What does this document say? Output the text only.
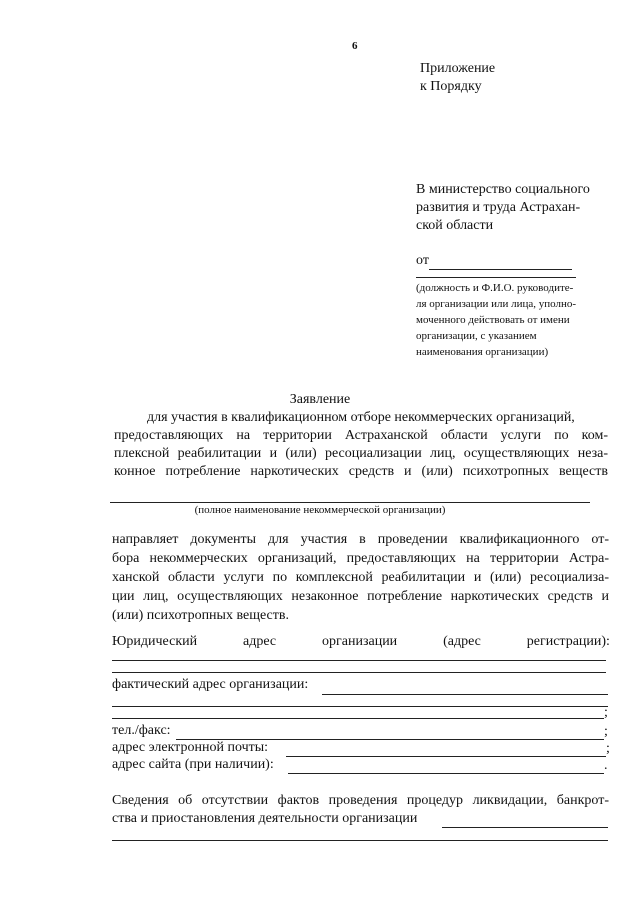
6
Приложение
к Порядку
В министерство социального
развития и труда Астрахан-
ской области
от
(должность и Ф.И.О. руководите-
ля организации или лица, уполно-
моченного действовать от имени
организации, с указанием
наименования организации)
Заявление
для участия в квалификационном отборе некоммерческих организаций,
предоставляющих на территории Астраханской области услуги по ком-
плексной реабилитации и (или) ресоциализации лиц, осуществляющих неза-
конное потребление наркотических средств и (или) психотропных веществ
(полное наименование некоммерческой организации)
направляет документы для участия в проведении квалификационного от-
бора некоммерческих организаций, предоставляющих на территории Астра-
ханской области услуги по комплексной реабилитации и (или) ресоциализа-
ции лиц, осуществляющих незаконное потребление наркотических средств и
(или) психотропных веществ.
Юридический	адрес	организации	(адрес	регистрации):
фактический адрес организации:
;
тел./факс:	;
адрес электронной почты:	;
адрес сайта (при наличии):	.
Сведения об отсутствии фактов проведения процедур ликвидации, банкрот-
ства и приостановления деятельности организации
